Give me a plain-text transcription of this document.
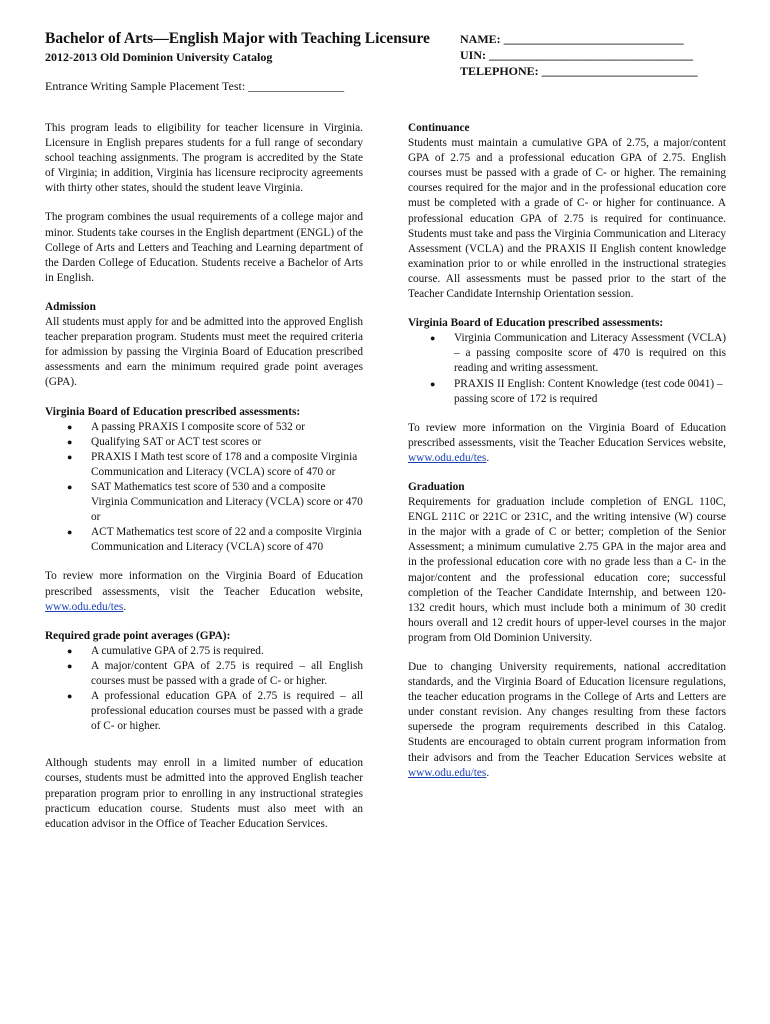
Bachelor of Arts—English Major with Teaching Licensure
2012-2013 Old Dominion University Catalog
Entrance Writing Sample Placement Test: ________________
NAME: ______________________________
UIN: __________________________________
TELEPHONE: __________________________

This program leads to eligibility for teacher licensure in Virginia. Licensure in English prepares students for a full range of secondary school teaching assignments. The program is accredited by the State of Virginia; in addition, Virginia has licensure reciprocity agreements with thirty other states, should the student leave Virginia.

The program combines the usual requirements of a college major and minor. Students take courses in the English department (ENGL) of the College of Arts and Letters and Teaching and Learning department of the Darden College of Education. Students receive a Bachelor of Arts in English.

Admission

All students must apply for and be admitted into the approved English teacher preparation program. Students must meet the required criteria for admission by passing the Virginia Board of Education prescribed assessments and earn the minimum required grade point averages (GPA).

Virginia Board of Education prescribed assessments:
● A passing PRAXIS I composite score of 532 or
● Qualifying SAT or ACT test scores or
● PRAXIS I Math test score of 178 and a composite Virginia Communication and Literacy (VCLA) score of 470 or
● SAT Mathematics test score of 530 and a composite Virginia Communication and Literacy (VCLA) score or 470 or
● ACT Mathematics test score of 22 and a composite Virginia Communication and Literacy (VCLA) score of 470

To review more information on the Virginia Board of Education prescribed assessments, visit the Teacher Education website, www.odu.edu/tes.

Required grade point averages (GPA):
● A cumulative GPA of 2.75 is required.
● A major/content GPA of 2.75 is required – all English courses must be passed with a grade of C- or higher.
● A professional education GPA of 2.75 is required – all professional education courses must be passed with a grade of C- or higher.

Although students may enroll in a limited number of education courses, students must be admitted into the approved English teacher preparation program prior to enrolling in any instructional strategies practicum education course. Students must also meet with an education advisor in the Office of Teacher Education Services.

Continuance

Students must maintain a cumulative GPA of 2.75, a major/content GPA of 2.75 and a professional education GPA of 2.75. English courses must be passed with a grade of C- or higher. The remaining courses required for the major and in the professional education core must be completed with a grade of C- or higher for continuance. A professional education GPA of 2.75 is required for continuance. Students must take and pass the Virginia Communication and Literacy Assessment (VCLA) and the PRAXIS II English content knowledge examination prior to or while enrolled in the instructional strategies course. All assessments must be passed prior to the start of the Teacher Candidate Internship Orientation session.

Virginia Board of Education prescribed assessments:
● Virginia Communication and Literacy Assessment (VCLA) – a passing composite score of 470 is required on this reading and writing assessment.
● PRAXIS II English: Content Knowledge (test code 0041) – passing score of 172 is required

To review more information on the Virginia Board of Education prescribed assessments, visit the Teacher Education Services website, www.odu.edu/tes.

Graduation

Requirements for graduation include completion of ENGL 110C, ENGL 211C or 221C or 231C, and the writing intensive (W) course in the major with a grade of C or better; completion of the Senior Assessment; a minimum cumulative 2.75 GPA in the major area and in the professional education core with no grade less than a C- in the major/content and the professional education core; successful completion of the Teacher Candidate Internship, and between 120-132 credit hours, which must include both a minimum of 30 credit hours overall and 12 credit hours of upper-level courses in the major program from Old Dominion University.

Due to changing University requirements, national accreditation standards, and the Virginia Board of Education licensure regulations, the teacher education programs in the College of Arts and Letters are under constant revision. Any changes resulting from these factors supersede the program requirements described in this Catalog. Students are encouraged to obtain current program information from their advisors and from the Teacher Education Services website at www.odu.edu/tes.
